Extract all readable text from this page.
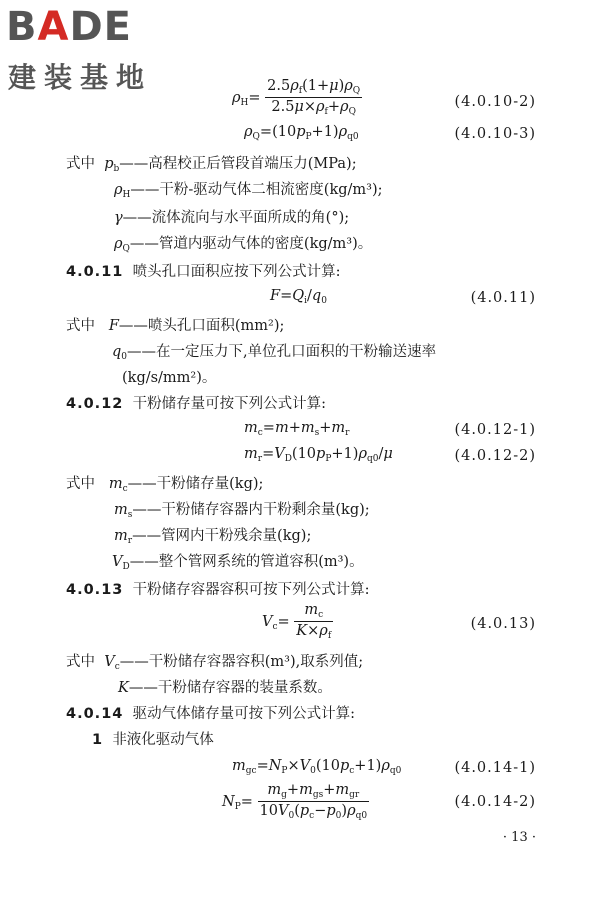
BADE
建装基地
$\rho_H= \frac{2.5\rho_f(1+\mu)\rho_Q}{2.5\mu\times\rho_f+\rho_Q}$	(4.0.10-2)
$\rho_Q=(10p_P+1)\rho_{q0}$	(4.0.10-3)
式中 $p_b——$高程校正后管段首端压力(MPa);
$\rho_H——$干粉-驱动气体二相流密度(kg/m³);
γ——流体流向与水平面所成的角(°);
$\rho_Q——$管道内驱动气体的密度(kg/m³)。
4.0.11 喷头孔口面积应按下列公式计算:
$F=Q_i/q_0$	(4.0.11)
式中 F——喷头孔口面积(mm²);
$q_0——$在一定压力下,单位孔口面积的干粉输送速率
(kg/s/mm²)。
4.0.12 干粉储存量可按下列公式计算:
$m_c=m+m_s+m_r$	(4.0.12-1)
$m_r=V_D(10p_P+1)\rho_{q0}/\mu$	(4.0.12-2)
式中 $m_c——$干粉储存量(kg);
$m_s——$干粉储存容器内干粉剩余量(kg);
$m_r——$管网内干粉残余量(kg);
$V_D——$整个管网系统的管道容积(m³)。
4.0.13 干粉储存容器容积可按下列公式计算:
$V_c= \frac{m_c}{K\times\rho_f}$	(4.0.13)
式中 $V_c——$干粉储存容器容积(m³),取系列值;
K——干粉储存容器的装量系数。
4.0.14 驱动气体储存量可按下列公式计算:
1 非液化驱动气体
$m_{gc}=N_P\times V_0(10p_c+1)\rho_{q0}$	(4.0.14-1)
$N_P= \frac{m_g+m_{gs}+m_{gr}}{10V_0(p_c-p_0)\rho_{q0}}$	(4.0.14-2)
· 13 ·
